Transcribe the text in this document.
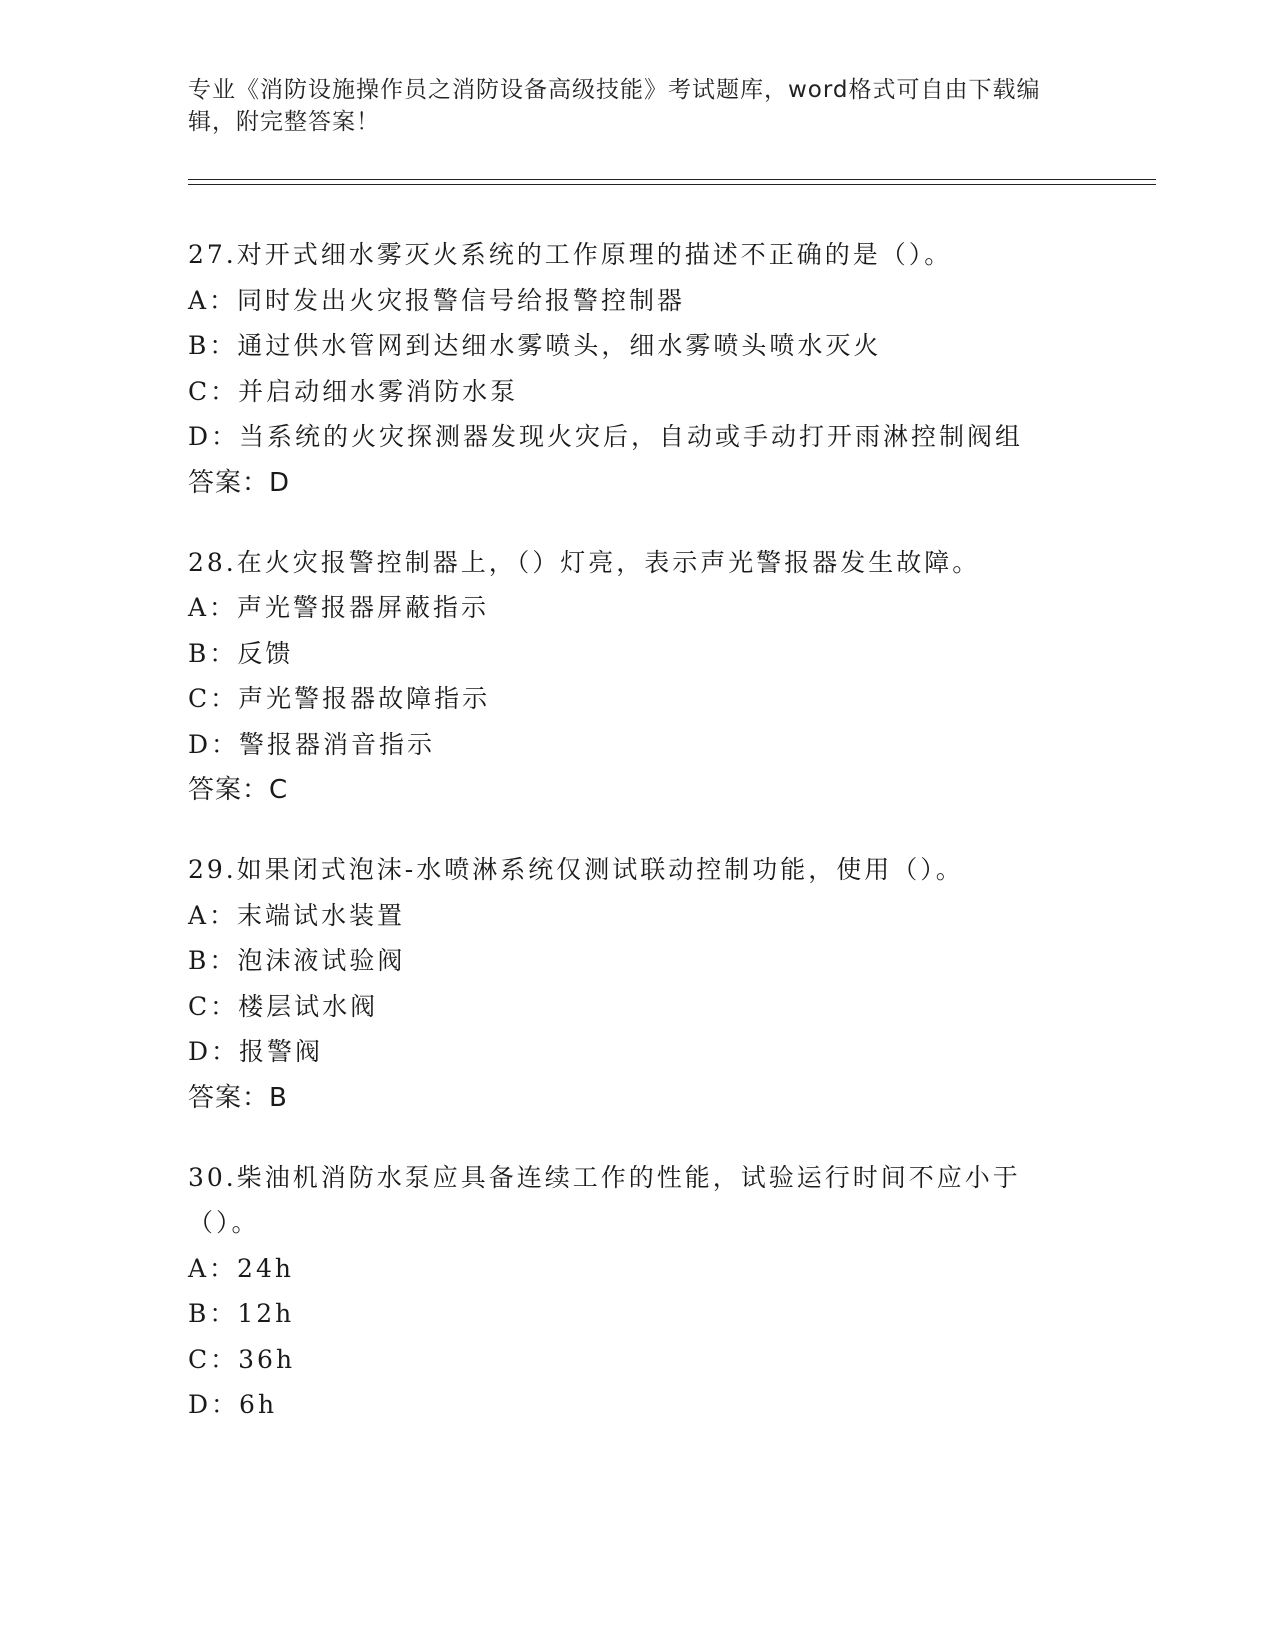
专业《消防设施操作员之消防设备高级技能》考试题库，word格式可自由下载编辑，附完整答案！
27.对开式细水雾灭火系统的工作原理的描述不正确的是（）。
A：同时发出火灾报警信号给报警控制器
B：通过供水管网到达细水雾喷头，细水雾喷头喷水灭火
C：并启动细水雾消防水泵
D：当系统的火灾探测器发现火灾后，自动或手动打开雨淋控制阀组
答案：D
28.在火灾报警控制器上，（）灯亮，表示声光警报器发生故障。
A：声光警报器屏蔽指示
B：反馈
C：声光警报器故障指示
D：警报器消音指示
答案：C
29.如果闭式泡沫-水喷淋系统仅测试联动控制功能，使用（）。
A：末端试水装置
B：泡沫液试验阀
C：楼层试水阀
D：报警阀
答案：B
30.柴油机消防水泵应具备连续工作的性能，试验运行时间不应小于（）。
A：24h
B：12h
C：36h
D：6h
